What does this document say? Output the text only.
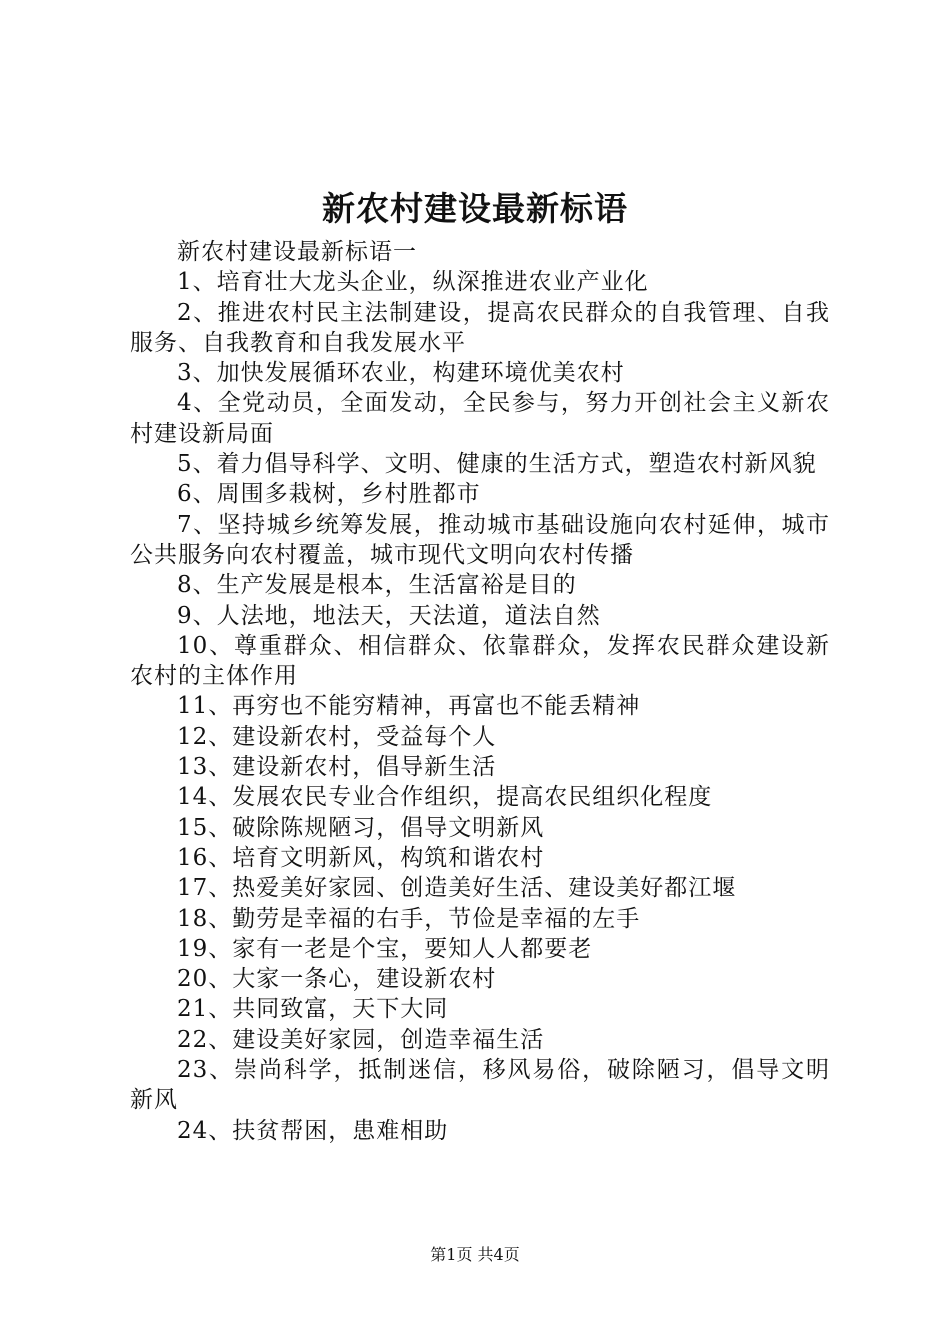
新农村建设最新标语

新农村建设最新标语一

1、培育壮大龙头企业，纵深推进农业产业化

2、推进农村民主法制建设，提高农民群众的自我管理、自我服务、自我教育和自我发展水平

3、加快发展循环农业，构建环境优美农村

4、全党动员，全面发动，全民参与，努力开创社会主义新农村建设新局面

5、着力倡导科学、文明、健康的生活方式，塑造农村新风貌

6、周围多栽树，乡村胜都市

7、坚持城乡统筹发展，推动城市基础设施向农村延伸，城市公共服务向农村覆盖，城市现代文明向农村传播

8、生产发展是根本，生活富裕是目的

9、人法地，地法天，天法道，道法自然

10、尊重群众、相信群众、依靠群众，发挥农民群众建设新农村的主体作用

11、再穷也不能穷精神，再富也不能丢精神

12、建设新农村，受益每个人

13、建设新农村，倡导新生活

14、发展农民专业合作组织，提高农民组织化程度

15、破除陈规陋习，倡导文明新风

16、培育文明新风，构筑和谐农村

17、热爱美好家园、创造美好生活、建设美好都江堰

18、勤劳是幸福的右手，节俭是幸福的左手

19、家有一老是个宝，要知人人都要老

20、大家一条心，建设新农村

21、共同致富，天下大同

22、建设美好家园，创造幸福生活

23、崇尚科学，抵制迷信，移风易俗，破除陋习，倡导文明新风

24、扶贫帮困，患难相助

第1页 共4页
